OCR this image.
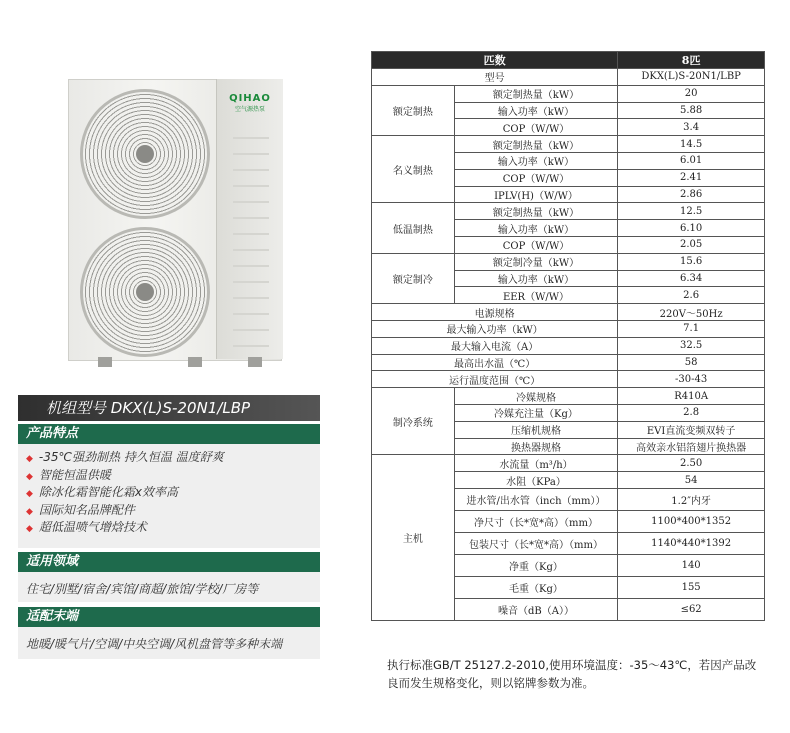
QIHAO
空气源热泵
机组型号 DKX(L)S-20N1/LBP
产品特点
◆ -35℃强劲制热 持久恒温 温度舒爽
◆ 智能恒温供暖
◆ 除冰化霜智能化霜x效率高
◆ 国际知名品牌配件
◆ 超低温喷气增焓技术
适用领域
住宅/别墅/宿舍/宾馆/商超/旅馆/学校/厂房等
适配末端
地暖/暖气片/空调/中央空调/风机盘管等多种末端
匹数		8匹
型号		DKX(L)S-20N1/LBP
额定制热	额定制热量（kW）	20
	输入功率（kW）	5.88
	COP（W/W）	3.4
名义制热	额定制热量（kW）	14.5
	输入功率（kW）	6.01
	COP（W/W）	2.41
	IPLV(H)（W/W）	2.86
低温制热	额定制热量（kW）	12.5
	输入功率（kW）	6.10
	COP（W/W）	2.05
额定制冷	额定制冷量（kW）	15.6
	输入功率（kW）	6.34
	EER（W/W）	2.6
电源规格		220V～50Hz
最大输入功率（kW）		7.1
最大输入电流（A）		32.5
最高出水温（℃）		58
运行温度范围（℃）		-30-43
制冷系统	冷媒规格	R410A
	冷媒充注量（Kg）	2.8
	压缩机规格	EVI直流变频双转子
	换热器规格	高效亲水铝箔翅片换热器
主机	水流量（m³/h）	2.50
	水阻（KPa）	54
	进水管/出水管（inch（mm））	1.2″内牙
	净尺寸（长*宽*高）（mm）	1100*400*1352
	包装尺寸（长*宽*高）（mm）	1140*440*1392
	净重（Kg）	140
	毛重（Kg）	155
	噪音（dB（A））	≤62
执行标准GB/T 25127.2-2010,使用环境温度：-35～43℃，若因产品改良而发生规格变化，则以铭牌参数为准。
